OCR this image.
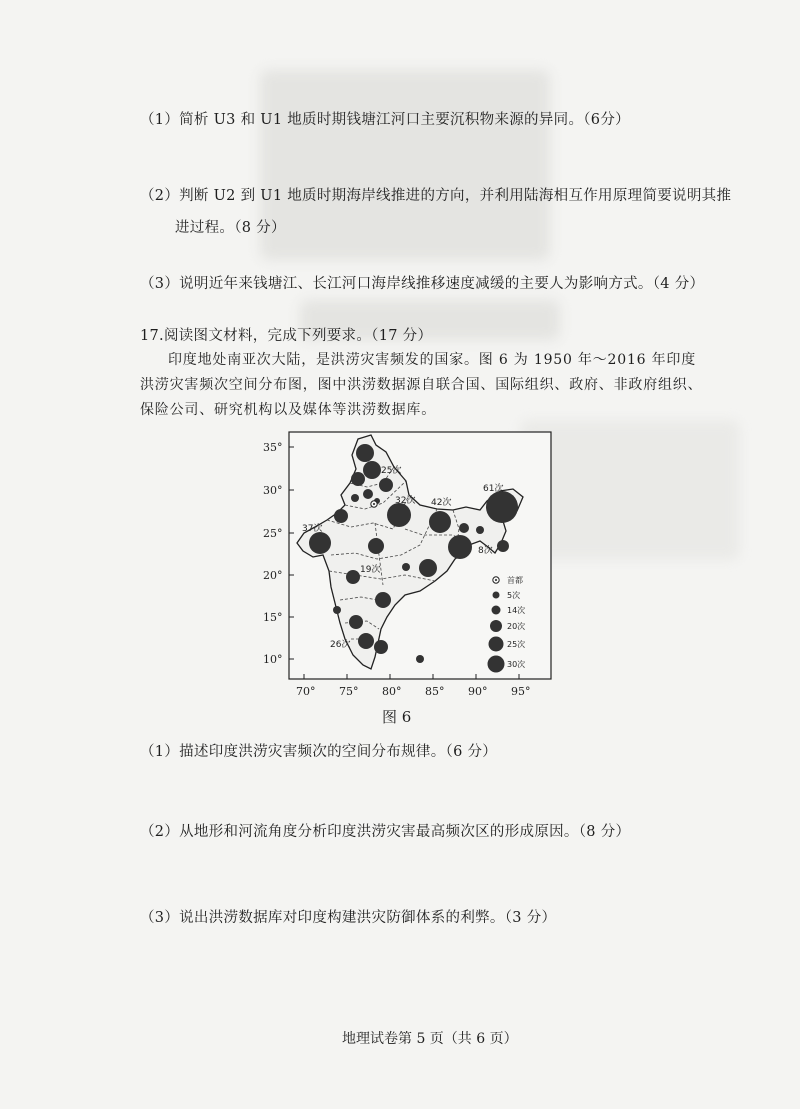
（1）简析 U3 和 U1 地质时期钱塘江河口主要沉积物来源的异同。（6分）
（2）判断 U2 到 U1 地质时期海岸线推进的方向，并利用陆海相互作用原理简要说明其推
进过程。（8 分）
（3）说明近年来钱塘江、长江河口海岸线推移速度减缓的主要人为影响方式。（4 分）
17.阅读图文材料，完成下列要求。（17 分）
印度地处南亚次大陆，是洪涝灾害频发的国家。图 6 为 1950 年～2016 年印度洪涝灾害频次空间分布图，图中洪涝数据源自联合国、国际组织、政府、非政府组织、保险公司、研究机构以及媒体等洪涝数据库。
35°
30°
25°
20°
15°
10°
70° 75° 80° 85° 90° 95°
25次
32次 42次
61次
37次
19次
8次
26次
首都
5次
14次
20次
25次
30次
图 6
（1）描述印度洪涝灾害频次的空间分布规律。（6 分）
（2）从地形和河流角度分析印度洪涝灾害最高频次区的形成原因。（8 分）
（3）说出洪涝数据库对印度构建洪灾防御体系的利弊。（3 分）
地理试卷第 5 页（共 6 页）
